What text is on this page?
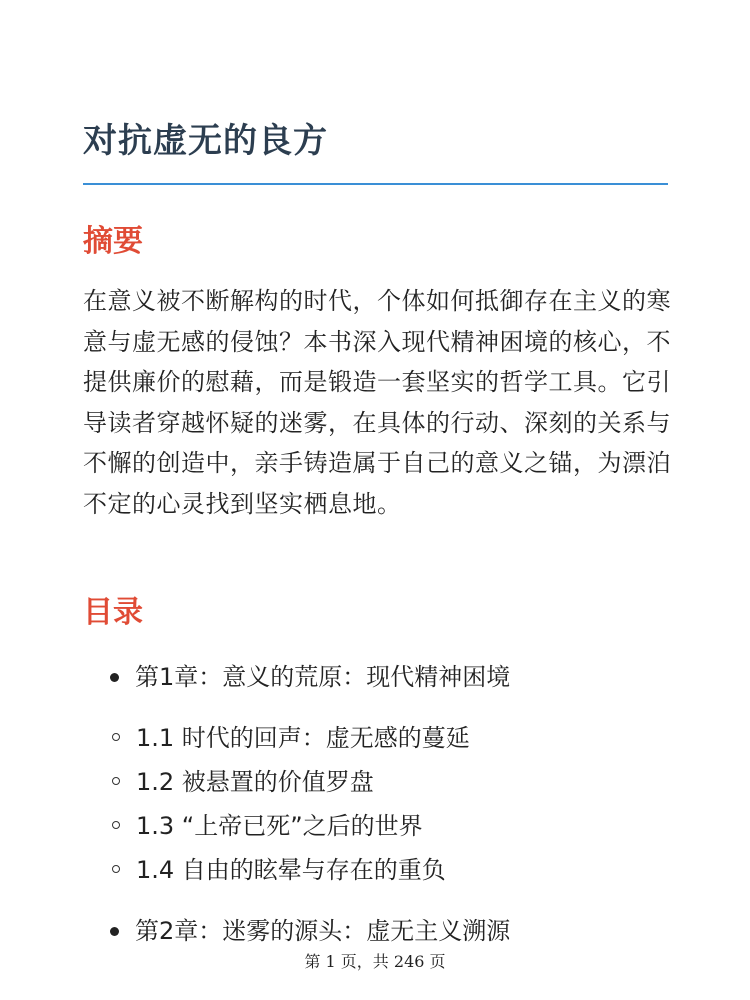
对抗虚无的良方
摘要

在意义被不断解构的时代，个体如何抵御存在主义的寒意与虚无感的侵蚀？本书深入现代精神困境的核心，不提供廉价的慰藉，而是锻造一套坚实的哲学工具。它引导读者穿越怀疑的迷雾，在具体的行动、深刻的关系与不懈的创造中，亲手铸造属于自己的意义之锚，为漂泊不定的心灵找到坚实栖息地。

目录
第1章：意义的荒原：现代精神困境
1.1 时代的回声：虚无感的蔓延
1.2 被悬置的价值罗盘
1.3 “上帝已死”之后的世界
1.4 自由的眩晕与存在的重负
第2章：迷雾的源头：虚无主义溯源
第 1 页，共 246 页
